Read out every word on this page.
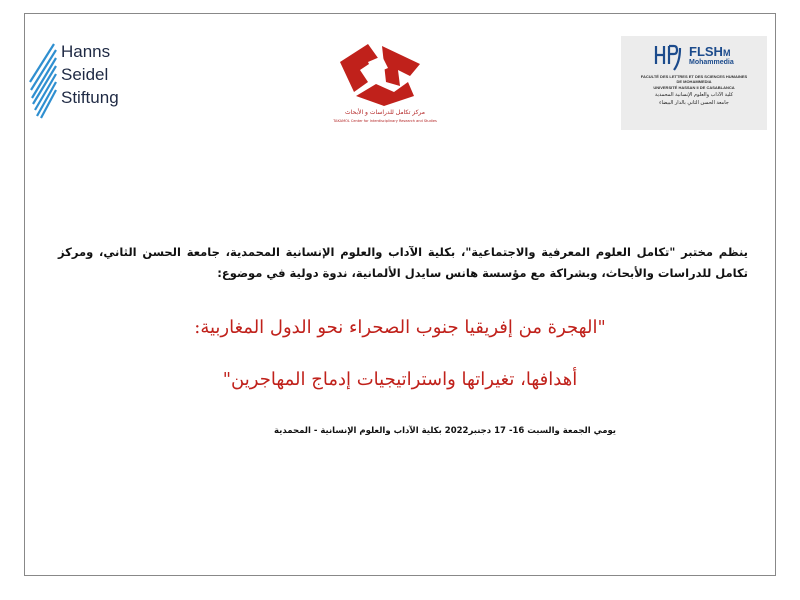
Hanns
Seidel
Stiftung
مركز تكامل للدراسات و الأبحاث
TAKAMOL Center for Interdisciplinary Research and Studies
FLSHM
Mohammedia
FACULTÉ DES LETTRES ET DES SCIENCES HUMAINES
DE MOHAMMEDIA
UNIVERSITÉ HASSAN II DE CASABLANCA
كلية الآداب والعلوم الإنسانية المحمدية
جامعة الحسن الثاني بالدار البيضاء
ينظم مختبر "تكامل العلوم المعرفية والاجتماعية"، بكلية الآداب والعلوم الإنسانية المحمدية، جامعة الحسن الثاني، ومركز تكامل للدراسات والأبحاث، وبشراكة مع مؤسسة هانس سايدل الألمانية، ندوة دولية في موضوع:
"الهجرة من إفريقيا جنوب الصحراء نحو الدول المغاربية:
أهدافها، تغيراتها واستراتيجيات إدماج المهاجرين"
يومي الجمعة والسبت 16- 17 دجنبر2022 بكلية الآداب والعلوم الإنسانية - المحمدية
